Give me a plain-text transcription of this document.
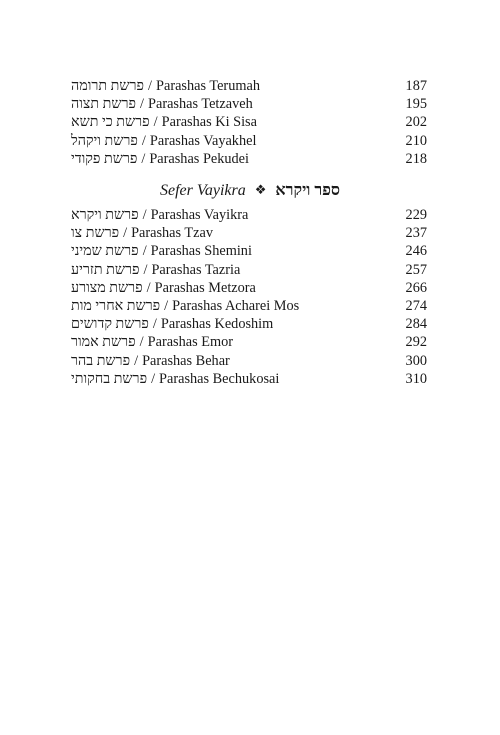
פרשת תרומה / Parashas Terumah	187
פרשת תצוה / Parashas Tetzaveh	195
פרשת כי תשא / Parashas Ki Sisa	202
פרשת ויקהל / Parashas Vayakhel	210
פרשת פקודי / Parashas Pekudei	218
Sefer Vayikra ❖ ספר ויקרא
פרשת ויקרא / Parashas Vayikra	229
פרשת צו / Parashas Tzav	237
פרשת שמיני / Parashas Shemini	246
פרשת תזריע / Parashas Tazria	257
פרשת מצורע / Parashas Metzora	266
פרשת אחרי מות / Parashas Acharei Mos	274
פרשת קדושים / Parashas Kedoshim	284
פרשת אמור / Parashas Emor	292
פרשת בהר / Parashas Behar	300
פרשת בחקותי / Parashas Bechukosai	310
